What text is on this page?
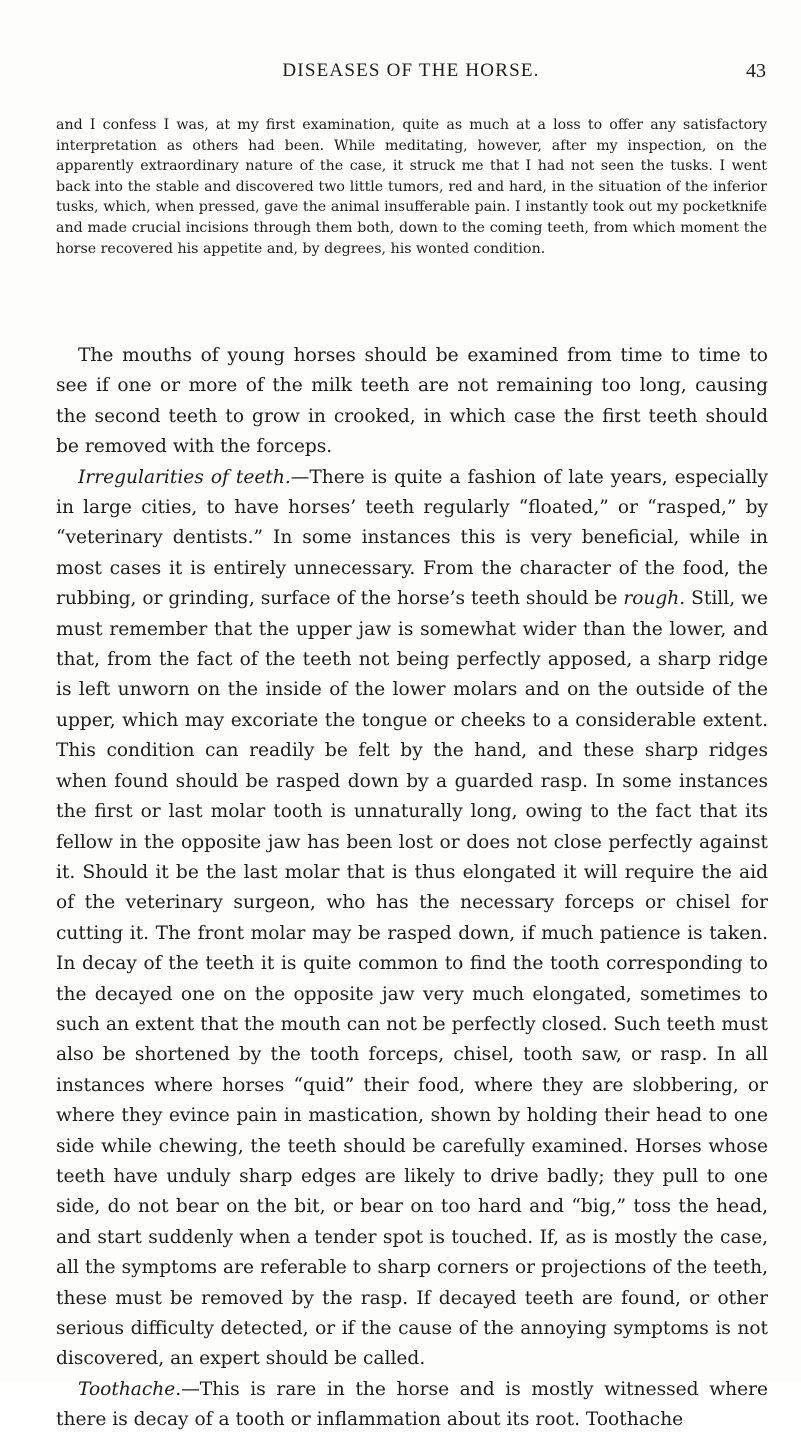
DISEASES OF THE HORSE.	43

and I confess I was, at my first examination, quite as much at a loss to offer any satisfactory interpretation as others had been. While meditating, however, after my inspection, on the apparently extraordinary nature of the case, it struck me that I had not seen the tusks. I went back into the stable and discovered two little tumors, red and hard, in the situation of the inferior tusks, which, when pressed, gave the animal insufferable pain. I instantly took out my pocketknife and made crucial incisions through them both, down to the coming teeth, from which moment the horse recovered his appetite and, by degrees, his wonted condition.

The mouths of young horses should be examined from time to time to see if one or more of the milk teeth are not remaining too long, causing the second teeth to grow in crooked, in which case the first teeth should be removed with the forceps.

Irregularities of teeth.—There is quite a fashion of late years, especially in large cities, to have horses’ teeth regularly “floated,” or “rasped,” by “veterinary dentists.” In some instances this is very beneficial, while in most cases it is entirely unnecessary. From the character of the food, the rubbing, or grinding, surface of the horse’s teeth should be rough. Still, we must remember that the upper jaw is somewhat wider than the lower, and that, from the fact of the teeth not being perfectly apposed, a sharp ridge is left unworn on the inside of the lower molars and on the outside of the upper, which may excoriate the tongue or cheeks to a considerable extent. This condition can readily be felt by the hand, and these sharp ridges when found should be rasped down by a guarded rasp. In some instances the first or last molar tooth is unnaturally long, owing to the fact that its fellow in the opposite jaw has been lost or does not close perfectly against it. Should it be the last molar that is thus elongated it will require the aid of the veterinary surgeon, who has the necessary forceps or chisel for cutting it. The front molar may be rasped down, if much patience is taken. In decay of the teeth it is quite common to find the tooth corresponding to the decayed one on the opposite jaw very much elongated, sometimes to such an extent that the mouth can not be perfectly closed. Such teeth must also be shortened by the tooth forceps, chisel, tooth saw, or rasp. In all instances where horses “quid” their food, where they are slobbering, or where they evince pain in mastication, shown by holding their head to one side while chewing, the teeth should be carefully examined. Horses whose teeth have unduly sharp edges are likely to drive badly; they pull to one side, do not bear on the bit, or bear on too hard and “big,” toss the head, and start suddenly when a tender spot is touched. If, as is mostly the case, all the symptoms are referable to sharp corners or projections of the teeth, these must be removed by the rasp. If decayed teeth are found, or other serious difficulty detected, or if the cause of the annoying symptoms is not discovered, an expert should be called.

Toothache.—This is rare in the horse and is mostly witnessed where there is decay of a tooth or inflammation about its root. Toothache
